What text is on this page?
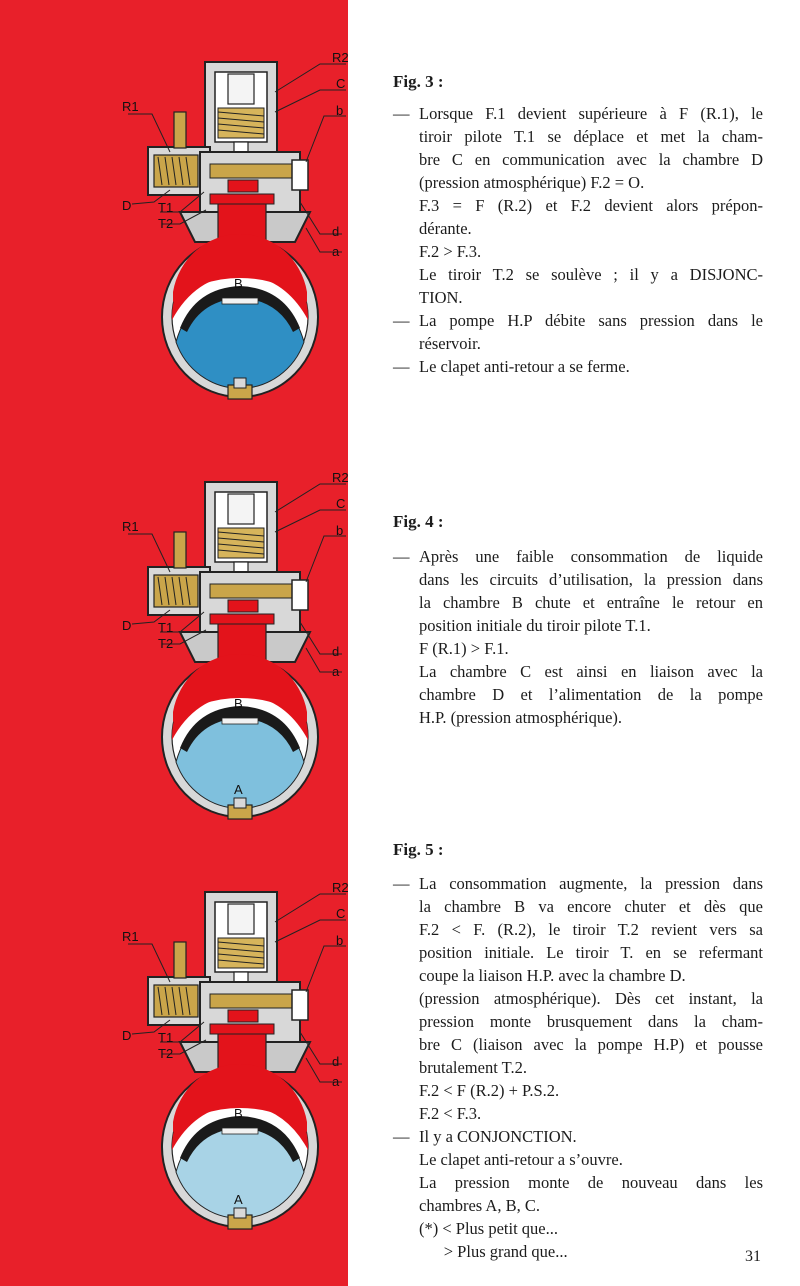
R2
C
b
R1
D T1
T2
d
a
B
R2
C
b
R1
D T1
T2
d
a
B
A
R2
C
b
R1
D T1
T2
d
a
B
A
Fig. 3 :
— Lorsque F.1 devient supérieure à F (R.1), le
tiroir pilote T.1 se déplace et met la cham-
bre C en communication avec la chambre D
(pression atmosphérique) F.2 = O.
F.3 = F (R.2) et F.2 devient alors prépon-
dérante.
F.2 > F.3.
Le tiroir T.2 se soulève ; il y a DISJONC-
TION.
— La pompe H.P débite sans pression dans le
réservoir.
— Le clapet anti-retour a se ferme.
Fig. 4 :
— Après une faible consommation de liquide
dans les circuits d’utilisation, la pression dans
la chambre B chute et entraîne le retour en
position initiale du tiroir pilote T.1.
F (R.1) > F.1.
La chambre C est ainsi en liaison avec la
chambre D et l’alimentation de la pompe
H.P. (pression atmosphérique).
Fig. 5 :
— La consommation augmente, la pression dans
la chambre B va encore chuter et dès que
F.2 < F. (R.2), le tiroir T.2 revient vers sa
position initiale. Le tiroir T. en se refermant
coupe la liaison H.P. avec la chambre D.
(pression atmosphérique). Dès cet instant, la
pression monte brusquement dans la cham-
bre C (liaison avec la pompe H.P) et pousse
brutalement T.2.
F.2 < F (R.2) + P.S.2.
F.2 < F.3.
— Il y a CONJONCTION.
Le clapet anti-retour a s’ouvre.
La pression monte de nouveau dans les
chambres A, B, C.
(*) < Plus petit que...
> Plus grand que...	31
